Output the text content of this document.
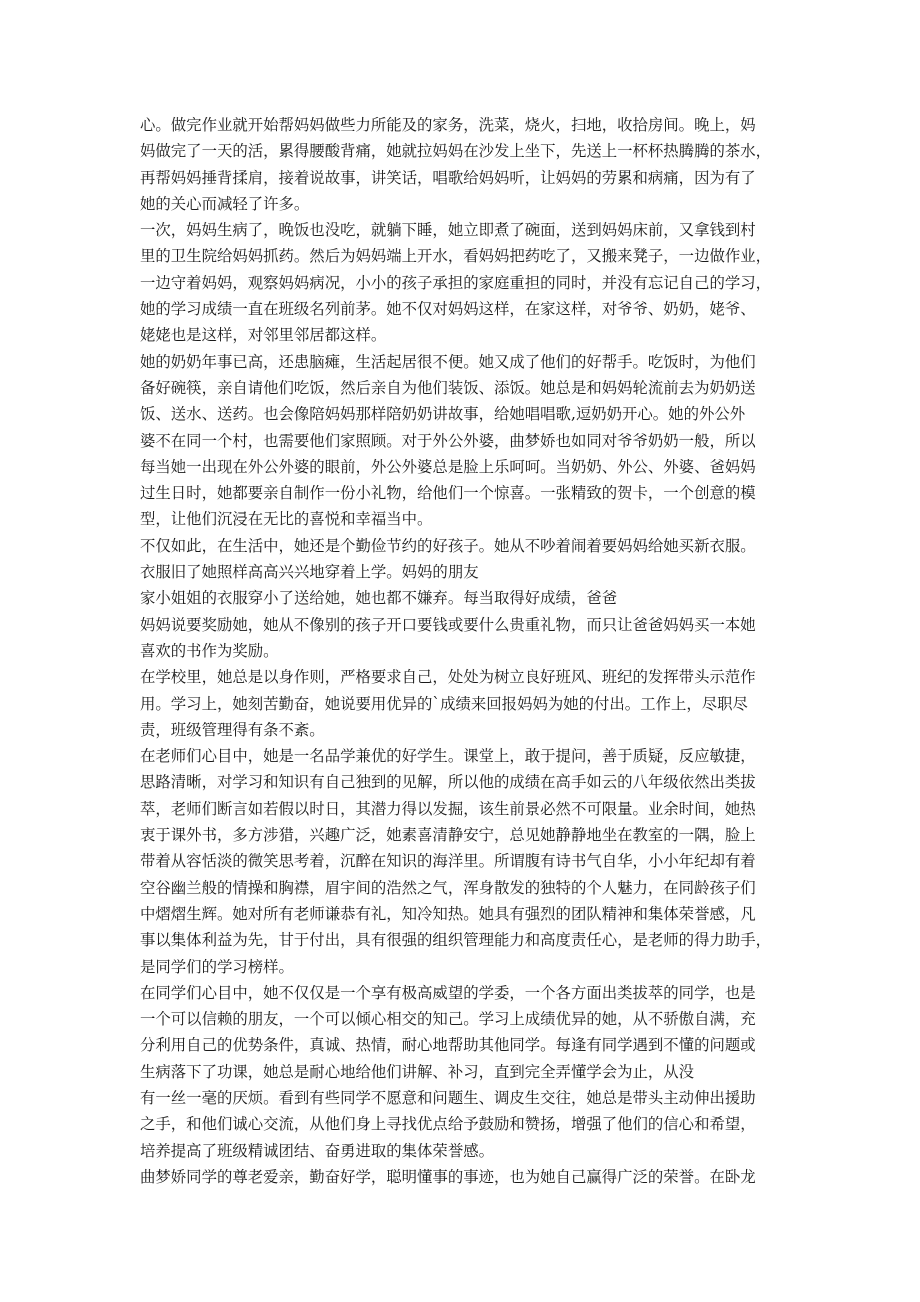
心。做完作业就开始帮妈妈做些力所能及的家务，洗菜，烧火，扫地，收拾房间。晚上，妈
妈做完了一天的活，累得腰酸背痛，她就拉妈妈在沙发上坐下，先送上一杯杯热腾腾的茶水，
再帮妈妈捶背揉肩，接着说故事，讲笑话，唱歌给妈妈听，让妈妈的劳累和病痛，因为有了
她的关心而减轻了许多。
一次，妈妈生病了，晚饭也没吃，就躺下睡，她立即煮了碗面，送到妈妈床前，又拿钱到村
里的卫生院给妈妈抓药。然后为妈妈端上开水，看妈妈把药吃了，又搬来凳子，一边做作业，
一边守着妈妈，观察妈妈病况，小小的孩子承担的家庭重担的同时，并没有忘记自己的学习，
她的学习成绩一直在班级名列前茅。她不仅对妈妈这样，在家这样，对爷爷、奶奶，姥爷、
姥姥也是这样，对邻里邻居都这样。
她的奶奶年事已高，还患脑瘫，生活起居很不便。她又成了他们的好帮手。吃饭时，为他们
备好碗筷，亲自请他们吃饭，然后亲自为他们装饭、添饭。她总是和妈妈轮流前去为奶奶送
饭、送水、送药。也会像陪妈妈那样陪奶奶讲故事，给她唱唱歌,逗奶奶开心。她的外公外
婆不在同一个村，也需要他们家照顾。对于外公外婆，曲梦娇也如同对爷爷奶奶一般，所以
每当她一出现在外公外婆的眼前，外公外婆总是脸上乐呵呵。当奶奶、外公、外婆、爸妈妈
过生日时，她都要亲自制作一份小礼物，给他们一个惊喜。一张精致的贺卡，一个创意的模
型，让他们沉浸在无比的喜悦和幸福当中。
不仅如此，在生活中，她还是个勤俭节约的好孩子。她从不吵着闹着要妈妈给她买新衣服。
衣服旧了她照样高高兴兴地穿着上学。妈妈的朋友
家小姐姐的衣服穿小了送给她，她也都不嫌弃。每当取得好成绩，爸爸
妈妈说要奖励她，她从不像别的孩子开口要钱或要什么贵重礼物，而只让爸爸妈妈买一本她
喜欢的书作为奖励。
在学校里，她总是以身作则，严格要求自己，处处为树立良好班风、班纪的发挥带头示范作
用。学习上，她刻苦勤奋，她说要用优异的`成绩来回报妈妈为她的付出。工作上，尽职尽
责，班级管理得有条不紊。
在老师们心目中，她是一名品学兼优的好学生。课堂上，敢于提问，善于质疑，反应敏捷，
思路清晰，对学习和知识有自己独到的见解，所以他的成绩在高手如云的八年级依然出类拔
萃，老师们断言如若假以时日，其潜力得以发掘，该生前景必然不可限量。业余时间，她热
衷于课外书，多方涉猎，兴趣广泛，她素喜清静安宁，总见她静静地坐在教室的一隅，脸上
带着从容恬淡的微笑思考着，沉醉在知识的海洋里。所谓腹有诗书气自华，小小年纪却有着
空谷幽兰般的情操和胸襟，眉宇间的浩然之气，浑身散发的独特的个人魅力，在同龄孩子们
中熠熠生辉。她对所有老师谦恭有礼，知冷知热。她具有强烈的团队精神和集体荣誉感，凡
事以集体利益为先，甘于付出，具有很强的组织管理能力和高度责任心，是老师的得力助手，
是同学们的学习榜样。
在同学们心目中，她不仅仅是一个享有极高威望的学委，一个各方面出类拔萃的同学，也是
一个可以信赖的朋友，一个可以倾心相交的知己。学习上成绩优异的她，从不骄傲自满，充
分利用自己的优势条件，真诚、热情，耐心地帮助其他同学。每逢有同学遇到不懂的问题或
生病落下了功课，她总是耐心地给他们讲解、补习，直到完全弄懂学会为止，从没
有一丝一毫的厌烦。看到有些同学不愿意和问题生、调皮生交往，她总是带头主动伸出援助
之手，和他们诚心交流，从他们身上寻找优点给予鼓励和赞扬，增强了他们的信心和希望，
培养提高了班级精诚团结、奋勇进取的集体荣誉感。
曲梦娇同学的尊老爱亲，勤奋好学，聪明懂事的事迹，也为她自己赢得广泛的荣誉。在卧龙
